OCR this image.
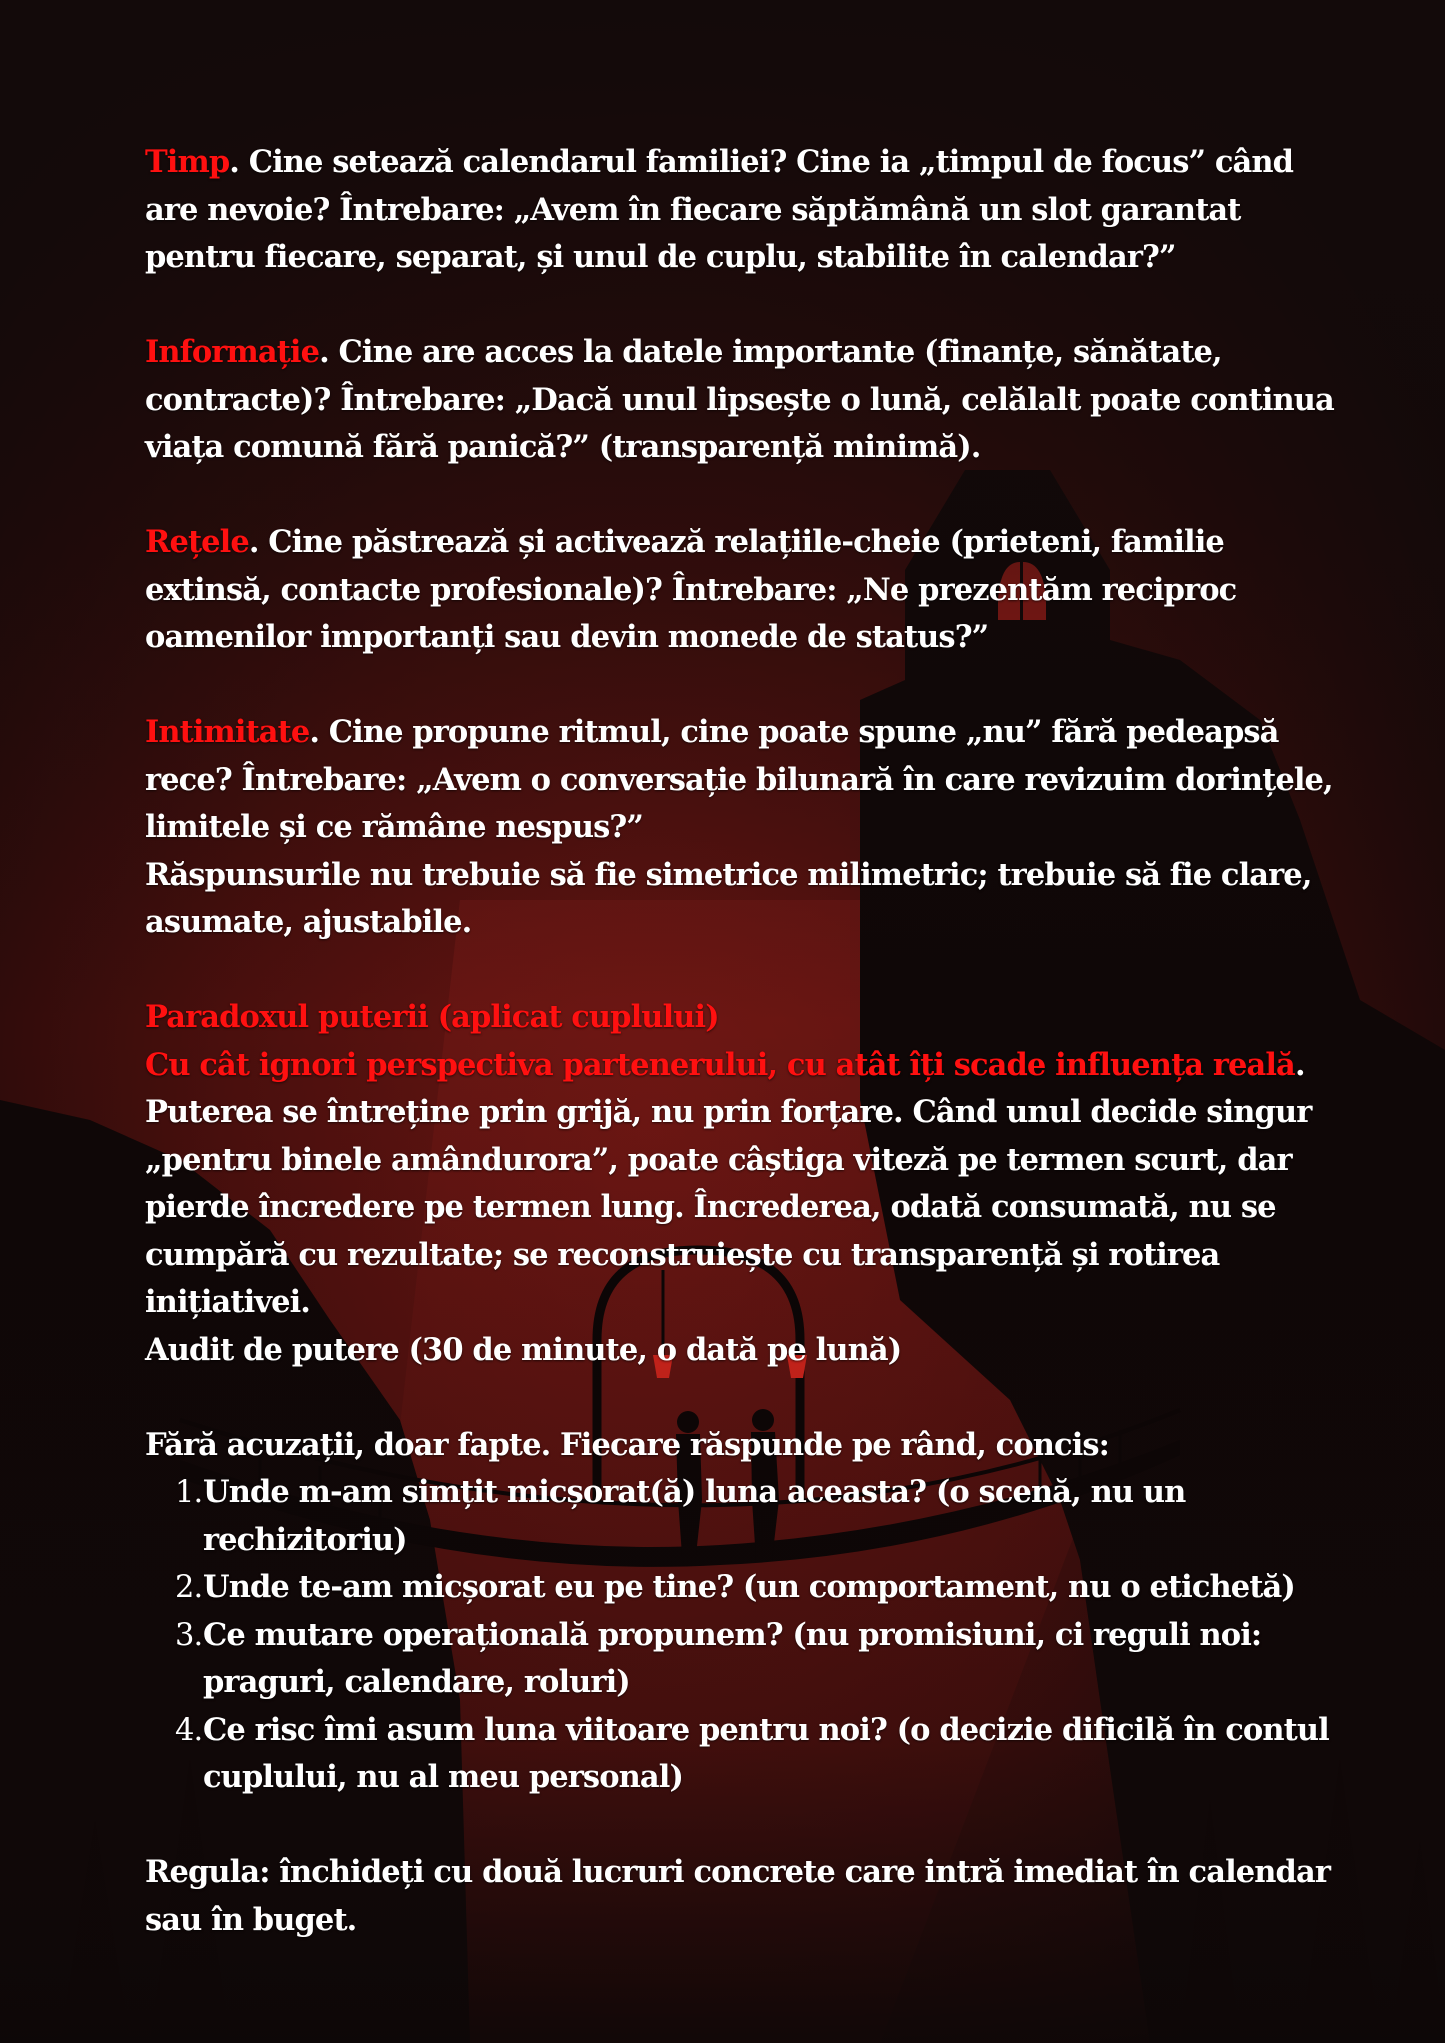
Timp. Cine setează calendarul familiei? Cine ia „timpul de focus” când are nevoie? Întrebare: „Avem în fiecare săptămână un slot garantat pentru fiecare, separat, și unul de cuplu, stabilite în calendar?”

Informație. Cine are acces la datele importante (finanțe, sănătate, contracte)? Întrebare: „Dacă unul lipsește o lună, celălalt poate continua viața comună fără panică?” (transparență minimă).

Rețele. Cine păstrează și activează relațiile-cheie (prieteni, familie extinsă, contacte profesionale)? Întrebare: „Ne prezentăm reciproc oamenilor importanți sau devin monede de status?”

Intimitate. Cine propune ritmul, cine poate spune „nu” fără pedeapsă rece? Întrebare: „Avem o conversație bilunară în care revizuim dorințele, limitele și ce rămâne nespus?”

Răspunsurile nu trebuie să fie simetrice milimetric; trebuie să fie clare, asumate, ajustabile.

Paradoxul puterii (aplicat cuplului)

Cu cât ignori perspectiva partenerului, cu atât îți scade influența reală. Puterea se întreține prin grijă, nu prin forțare. Când unul decide singur „pentru binele amândurora”, poate câștiga viteză pe termen scurt, dar pierde încredere pe termen lung. Încrederea, odată consumată, nu se cumpără cu rezultate; se reconstruiește cu transparență și rotirea inițiativei.

Audit de putere (30 de minute, o dată pe lună)

Fără acuzații, doar fapte. Fiecare răspunde pe rând, concis:

1. Unde m-am simțit micșorat(ă) luna aceasta? (o scenă, nu un rechizitoriu)
2. Unde te-am micșorat eu pe tine? (un comportament, nu o etichetă)
3. Ce mutare operațională propunem? (nu promisiuni, ci reguli noi: praguri, calendare, roluri)
4. Ce risc îmi asum luna viitoare pentru noi? (o decizie dificilă în contul cuplului, nu al meu personal)

Regula: închideți cu două lucruri concrete care intră imediat în calendar sau în buget.
